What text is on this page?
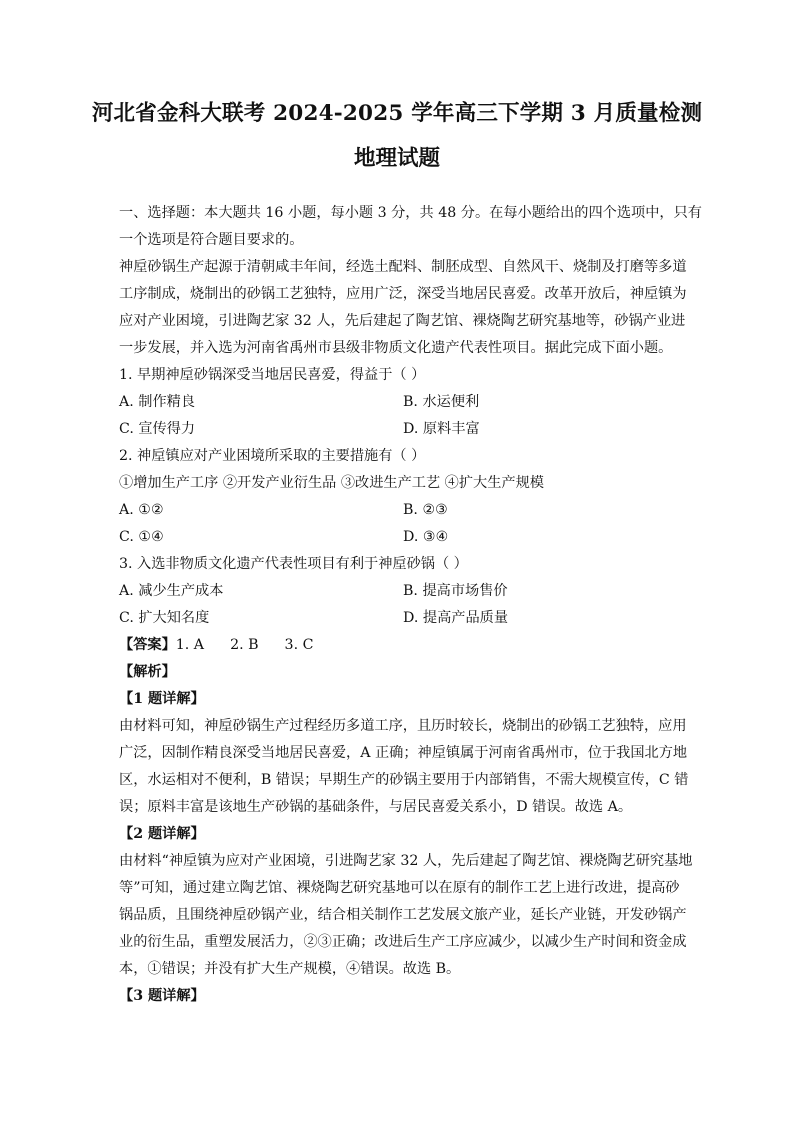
河北省金科大联考 2024-2025 学年高三下学期 3 月质量检测
地理试题
一、选择题：本大题共 16 小题，每小题 3 分，共 48 分。在每小题给出的四个选项中，只有
一个选项是符合题目要求的。
神垕砂锅生产起源于清朝咸丰年间，经选土配料、制胚成型、自然风干、烧制及打磨等多道
工序制成，烧制出的砂锅工艺独特，应用广泛，深受当地居民喜爱。改革开放后，神垕镇为
应对产业困境，引进陶艺家 32 人，先后建起了陶艺馆、裸烧陶艺研究基地等，砂锅产业进
一步发展，并入选为河南省禹州市县级非物质文化遗产代表性项目。据此完成下面小题。
1. 早期神垕砂锅深受当地居民喜爱，得益于（ ）
A. 制作精良	B. 水运便利
C. 宣传得力	D. 原料丰富
2. 神垕镇应对产业困境所采取的主要措施有（ ）
①增加生产工序 ②开发产业衍生品 ③改进生产工艺 ④扩大生产规模
A. ①②	B. ②③
C. ①④	D. ③④
3. 入选非物质文化遗产代表性项目有利于神垕砂锅（ ）
A. 减少生产成本	B. 提高市场售价
C. 扩大知名度	D. 提高产品质量
【答案】1. A 2. B 3. C
【解析】
【1 题详解】
由材料可知，神垕砂锅生产过程经历多道工序，且历时较长，烧制出的砂锅工艺独特，应用
广泛，因制作精良深受当地居民喜爱，A 正确；神垕镇属于河南省禹州市，位于我国北方地
区，水运相对不便利，B 错误；早期生产的砂锅主要用于内部销售，不需大规模宣传，C 错
误；原料丰富是该地生产砂锅的基础条件，与居民喜爱关系小，D 错误。故选 A。
【2 题详解】
由材料“神垕镇为应对产业困境，引进陶艺家 32 人，先后建起了陶艺馆、裸烧陶艺研究基地
等”可知，通过建立陶艺馆、裸烧陶艺研究基地可以在原有的制作工艺上进行改进，提高砂
锅品质，且围绕神垕砂锅产业，结合相关制作工艺发展文旅产业，延长产业链，开发砂锅产
业的衍生品，重塑发展活力，②③正确；改进后生产工序应减少，以减少生产时间和资金成
本，①错误；并没有扩大生产规模，④错误。故选 B。
【3 题详解】
